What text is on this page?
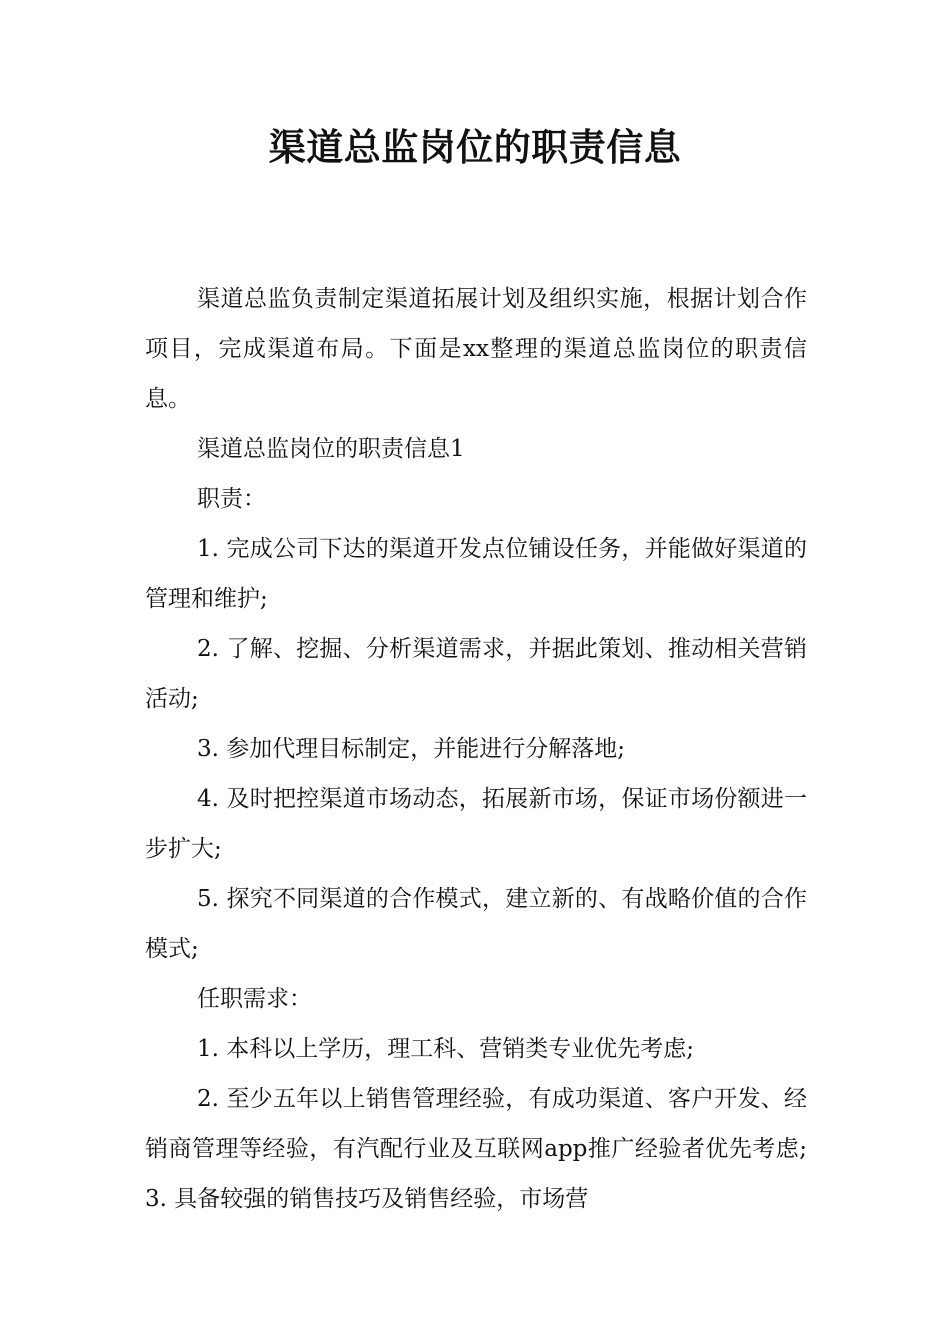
渠道总监岗位的职责信息

渠道总监负责制定渠道拓展计划及组织实施，根据计划合作项目，完成渠道布局。下面是xx整理的渠道总监岗位的职责信息。

渠道总监岗位的职责信息1

职责：

1. 完成公司下达的渠道开发点位铺设任务，并能做好渠道的管理和维护;

2. 了解、挖掘、分析渠道需求，并据此策划、推动相关营销活动;

3. 参加代理目标制定，并能进行分解落地;

4. 及时把控渠道市场动态，拓展新市场，保证市场份额进一步扩大;

5. 探究不同渠道的合作模式，建立新的、有战略价值的合作模式;

任职需求：

1. 本科以上学历，理工科、营销类专业优先考虑;

2. 至少五年以上销售管理经验，有成功渠道、客户开发、经销商管理等经验，有汽配行业及互联网app推广经验者优先考虑; 3. 具备较强的销售技巧及销售经验，市场营
